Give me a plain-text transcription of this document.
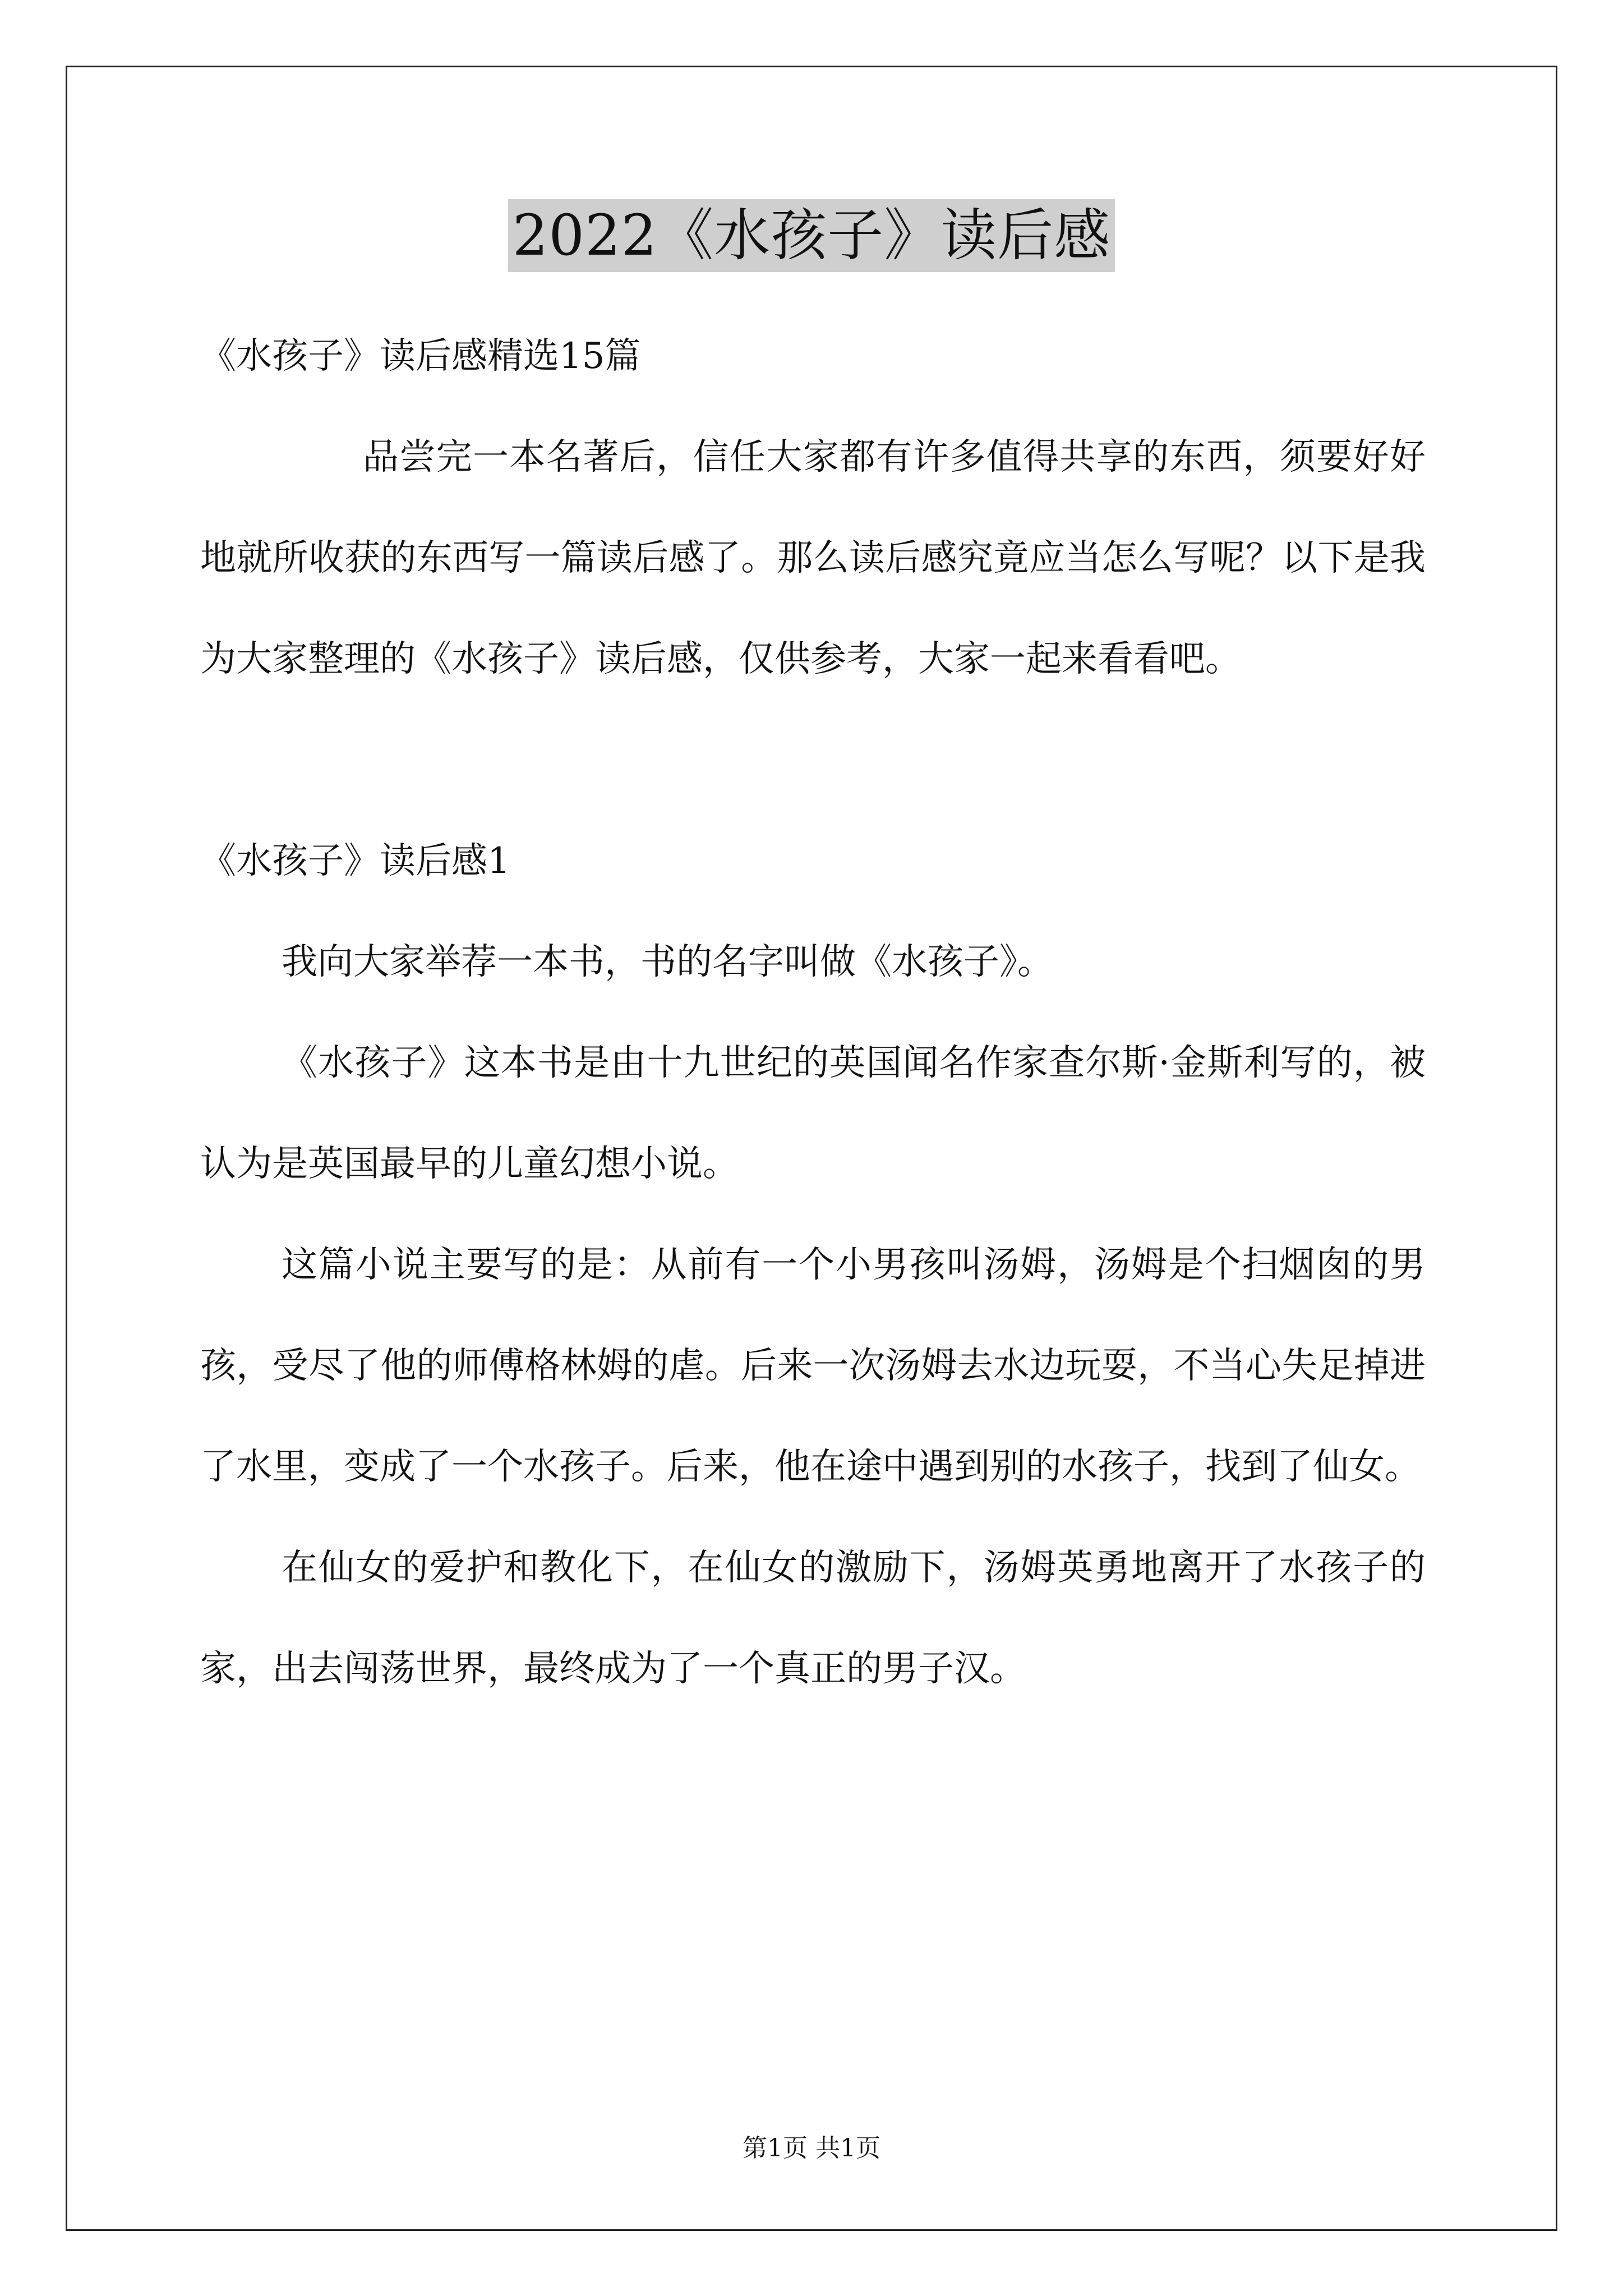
2022《水孩子》读后感

《水孩子》读后感精选15篇

品尝完一本名著后，信任大家都有许多值得共享的东西，须要好好地就所收获的东西写一篇读后感了。那么读后感究竟应当怎么写呢？以下是我为大家整理的《水孩子》读后感，仅供参考，大家一起来看看吧。

《水孩子》读后感1

我向大家举荐一本书，书的名字叫做《水孩子》。

《水孩子》这本书是由十九世纪的英国闻名作家查尔斯·金斯利写的，被认为是英国最早的儿童幻想小说。

这篇小说主要写的是：从前有一个小男孩叫汤姆，汤姆是个扫烟囱的男孩，受尽了他的师傅格林姆的虐。后来一次汤姆去水边玩耍，不当心失足掉进了水里，变成了一个水孩子。后来，他在途中遇到别的水孩子，找到了仙女。

在仙女的爱护和教化下，在仙女的激励下，汤姆英勇地离开了水孩子的家，出去闯荡世界，最终成为了一个真正的男子汉。

第1页 共1页
